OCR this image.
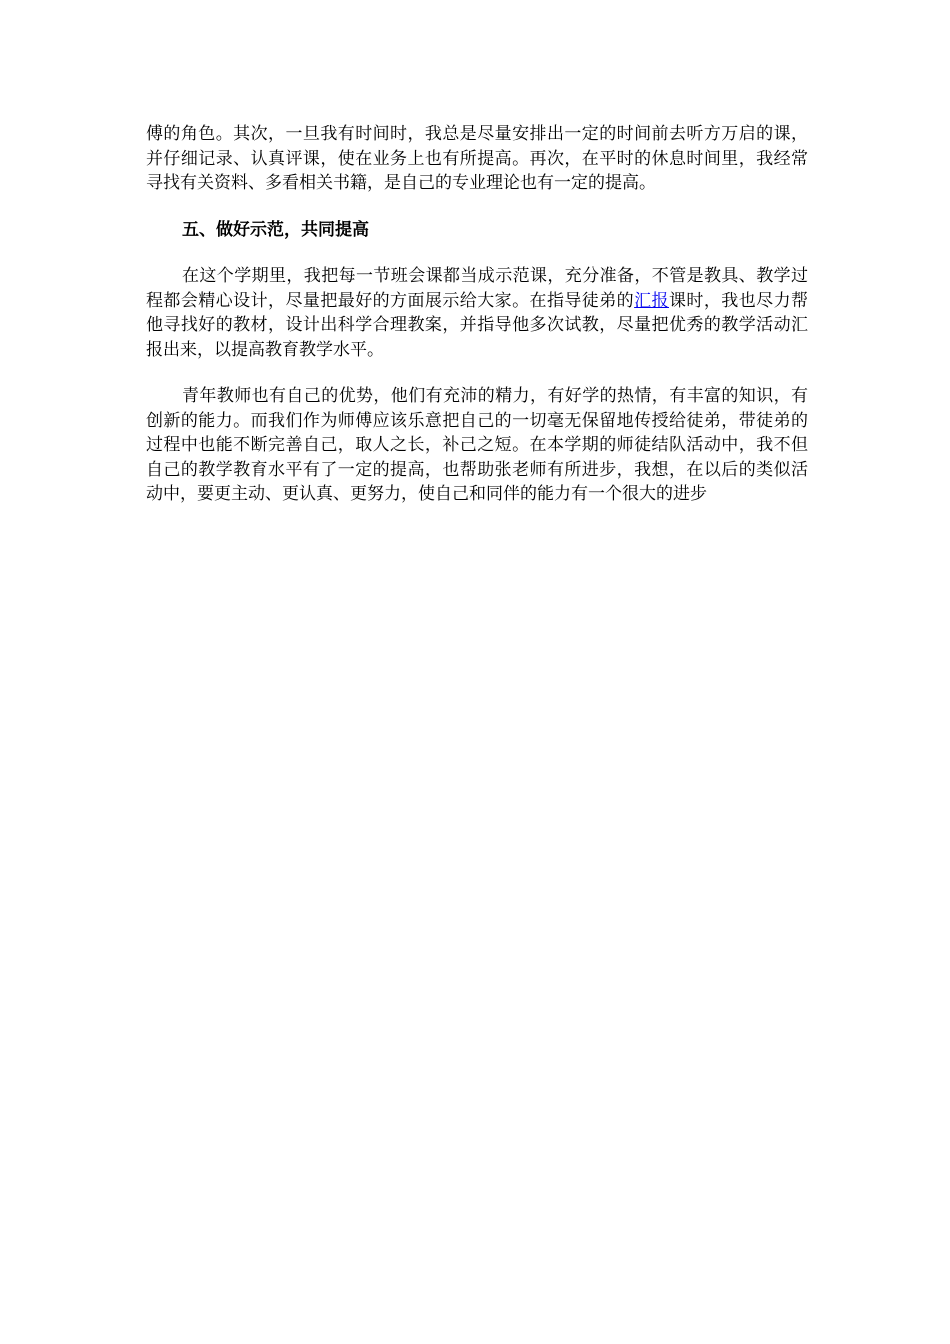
傅的角色。其次，一旦我有时间时，我总是尽量安排出一定的时间前去听方万启的课，并仔细记录、认真评课，使在业务上也有所提高。再次，在平时的休息时间里，我经常寻找有关资料、多看相关书籍，是自己的专业理论也有一定的提高。

五、做好示范，共同提高

在这个学期里，我把每一节班会课都当成示范课，充分准备，不管是教具、教学过程都会精心设计，尽量把最好的方面展示给大家。在指导徒弟的汇报课时，我也尽力帮他寻找好的教材，设计出科学合理教案，并指导他多次试教，尽量把优秀的教学活动汇报出来，以提高教育教学水平。

青年教师也有自己的优势，他们有充沛的精力，有好学的热情，有丰富的知识，有创新的能力。而我们作为师傅应该乐意把自己的一切毫无保留地传授给徒弟，带徒弟的过程中也能不断完善自己，取人之长，补己之短。在本学期的师徒结队活动中，我不但自己的教学教育水平有了一定的提高，也帮助张老师有所进步，我想，在以后的类似活动中，要更主动、更认真、更努力，使自己和同伴的能力有一个很大的进步
